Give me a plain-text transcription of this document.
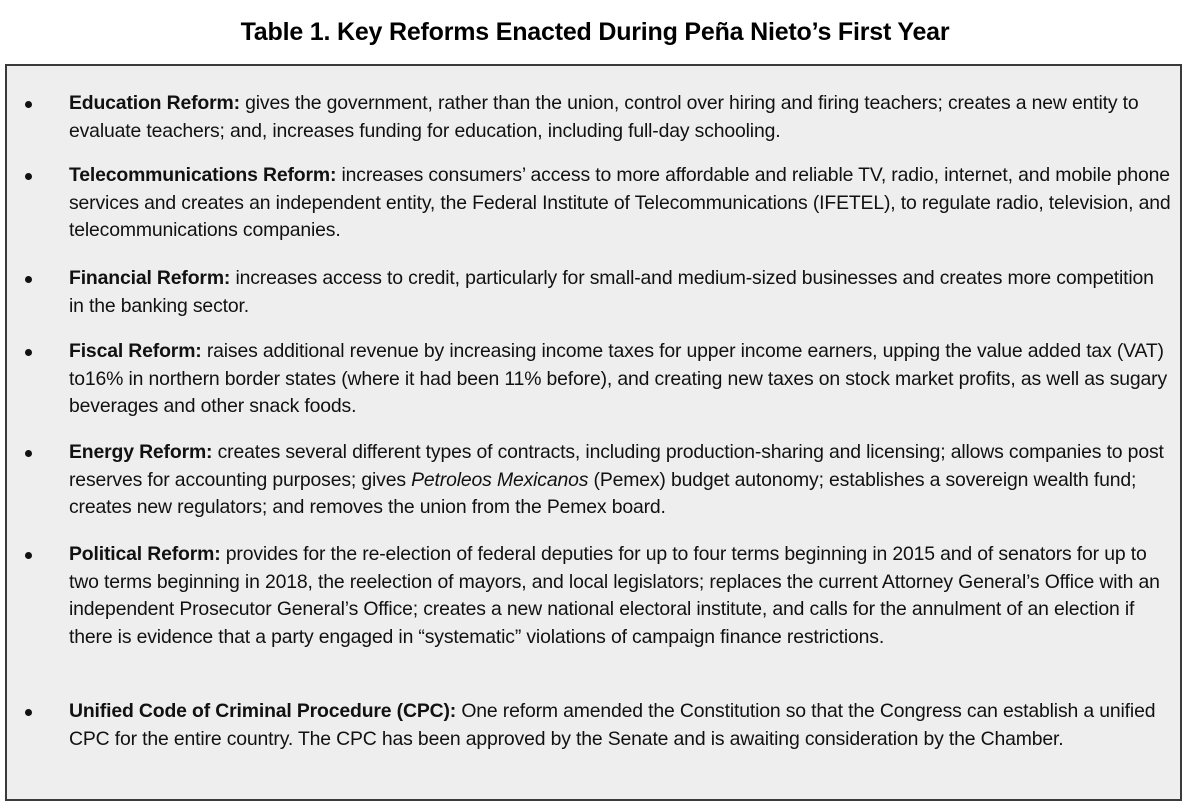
Table 1. Key Reforms Enacted During Peña Nieto’s First Year
Education Reform: gives the government, rather than the union, control over hiring and firing teachers; creates a new entity to evaluate teachers; and, increases funding for education, including full-day schooling.
Telecommunications Reform: increases consumers’ access to more affordable and reliable TV, radio, internet, and mobile phone services and creates an independent entity, the Federal Institute of Telecommunications (IFETEL), to regulate radio, television, and telecommunications companies.
Financial Reform: increases access to credit, particularly for small-and medium-sized businesses and creates more competition in the banking sector.
Fiscal Reform: raises additional revenue by increasing income taxes for upper income earners, upping the value added tax (VAT) to16% in northern border states (where it had been 11% before), and creating new taxes on stock market profits, as well as sugary beverages and other snack foods.
Energy Reform: creates several different types of contracts, including production-sharing and licensing; allows companies to post reserves for accounting purposes; gives Petroleos Mexicanos (Pemex) budget autonomy; establishes a sovereign wealth fund; creates new regulators; and removes the union from the Pemex board.
Political Reform: provides for the re-election of federal deputies for up to four terms beginning in 2015 and of senators for up to two terms beginning in 2018, the reelection of mayors, and local legislators; replaces the current Attorney General’s Office with an independent Prosecutor General’s Office; creates a new national electoral institute, and calls for the annulment of an election if there is evidence that a party engaged in “systematic” violations of campaign finance restrictions.
Unified Code of Criminal Procedure (CPC): One reform amended the Constitution so that the Congress can establish a unified CPC for the entire country. The CPC has been approved by the Senate and is awaiting consideration by the Chamber.
